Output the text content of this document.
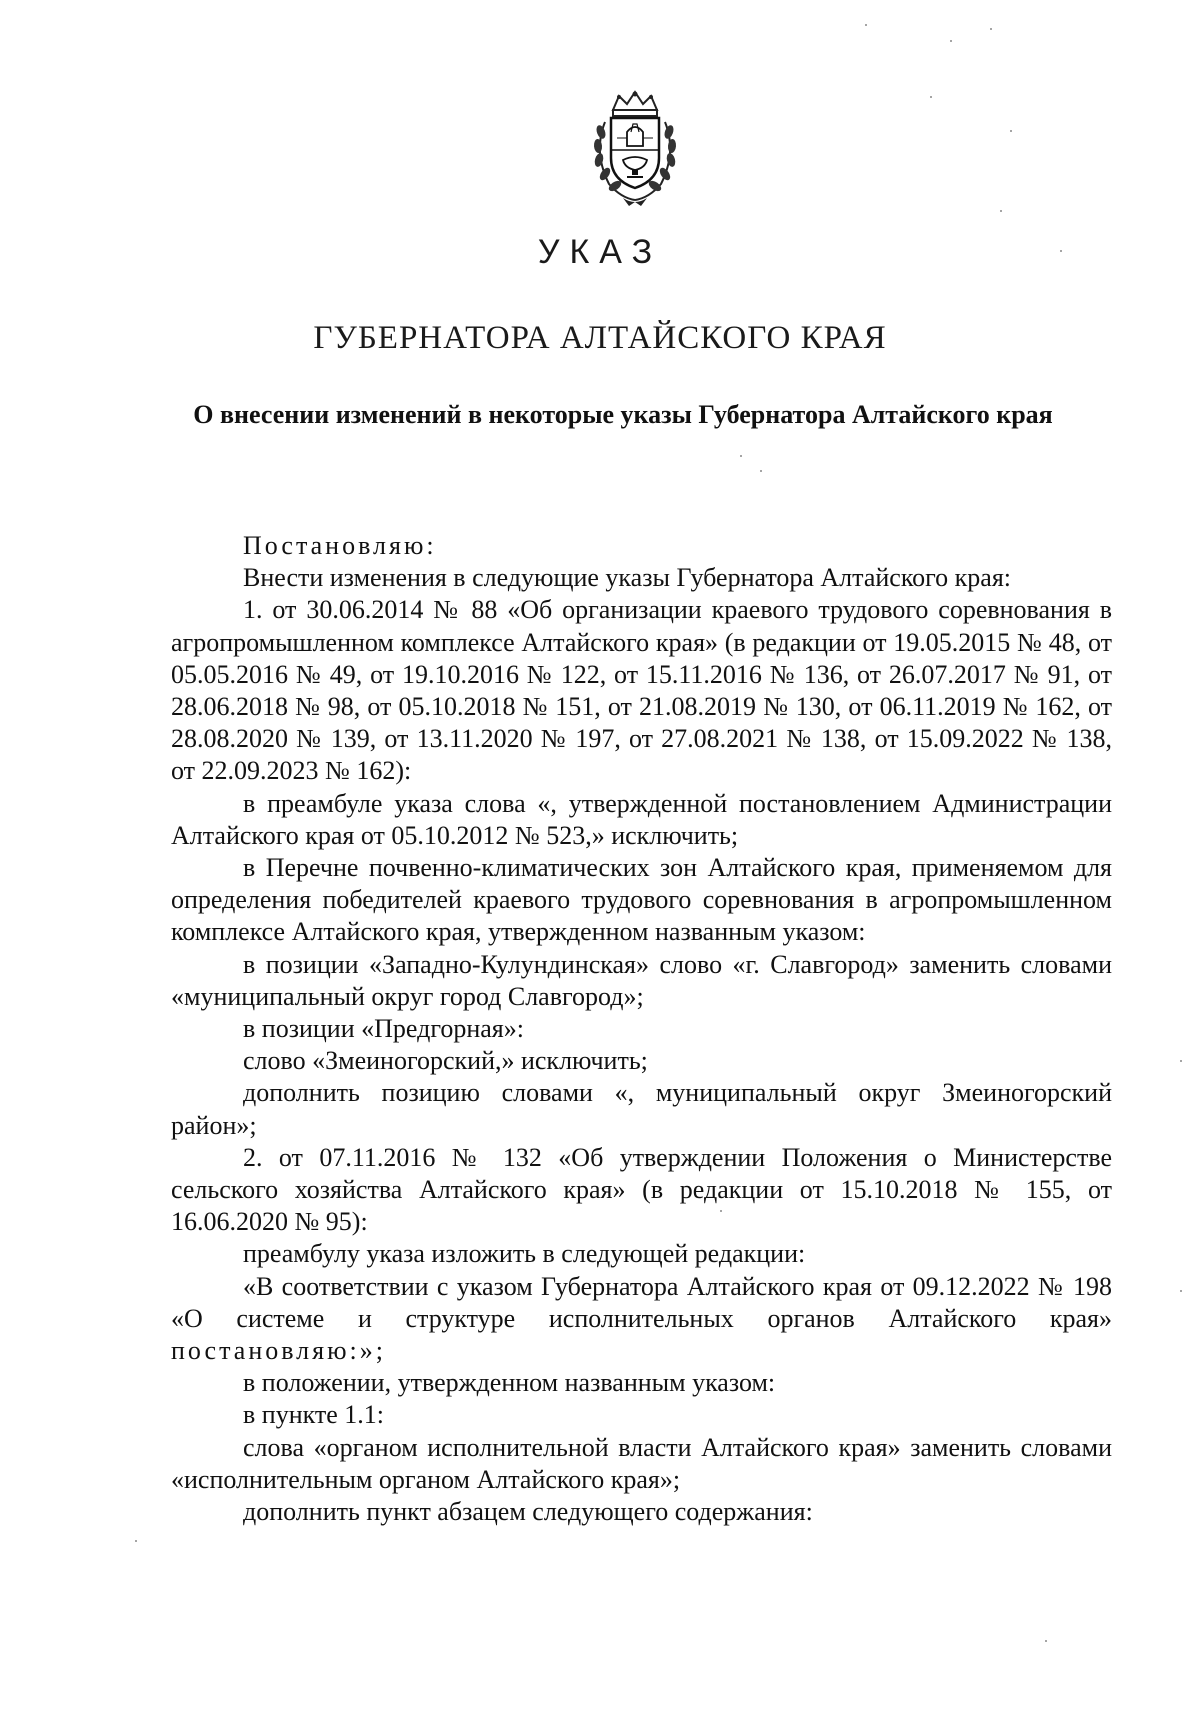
УКАЗ
ГУБЕРНАТОРА АЛТАЙСКОГО КРАЯ
О внесении изменений в некоторые указы Губернатора Алтайского края

Постановляю:

Внести изменения в следующие указы Губернатора Алтайского края:

1. от 30.06.2014 № 88 «Об организации краевого трудового соревнования в агропромышленном комплексе Алтайского края» (в редакции от 19.05.2015 № 48, от 05.05.2016 № 49, от 19.10.2016 № 122, от 15.11.2016 № 136, от 26.07.2017 № 91, от 28.06.2018 № 98, от 05.10.2018 № 151, от 21.08.2019 № 130, от 06.11.2019 № 162, от 28.08.2020 № 139, от 13.11.2020 № 197, от 27.08.2021 № 138, от 15.09.2022 № 138, от 22.09.2023 № 162):

в преамбуле указа слова «, утвержденной постановлением Администрации Алтайского края от 05.10.2012 № 523,» исключить;

в Перечне почвенно-климатических зон Алтайского края, применяемом для определения победителей краевого трудового соревнования в агропромышленном комплексе Алтайского края, утвержденном названным указом:

в позиции «Западно-Кулундинская» слово «г. Славгород» заменить словами «муниципальный округ город Славгород»;

в позиции «Предгорная»:

слово «Змеиногорский,» исключить;

дополнить позицию словами «, муниципальный округ Змеиногорский район»;

2. от 07.11.2016 № 132 «Об утверждении Положения о Министерстве сельского хозяйства Алтайского края» (в редакции от 15.10.2018 № 155, от 16.06.2020 № 95):

преамбулу указа изложить в следующей редакции:

«В соответствии с указом Губернатора Алтайского края от 09.12.2022 № 198 «О системе и структуре исполнительных органов Алтайского края» постановляю:»;

в положении, утвержденном названным указом:

в пункте 1.1:

слова «органом исполнительной власти Алтайского края» заменить словами «исполнительным органом Алтайского края»;

дополнить пункт абзацем следующего содержания:
